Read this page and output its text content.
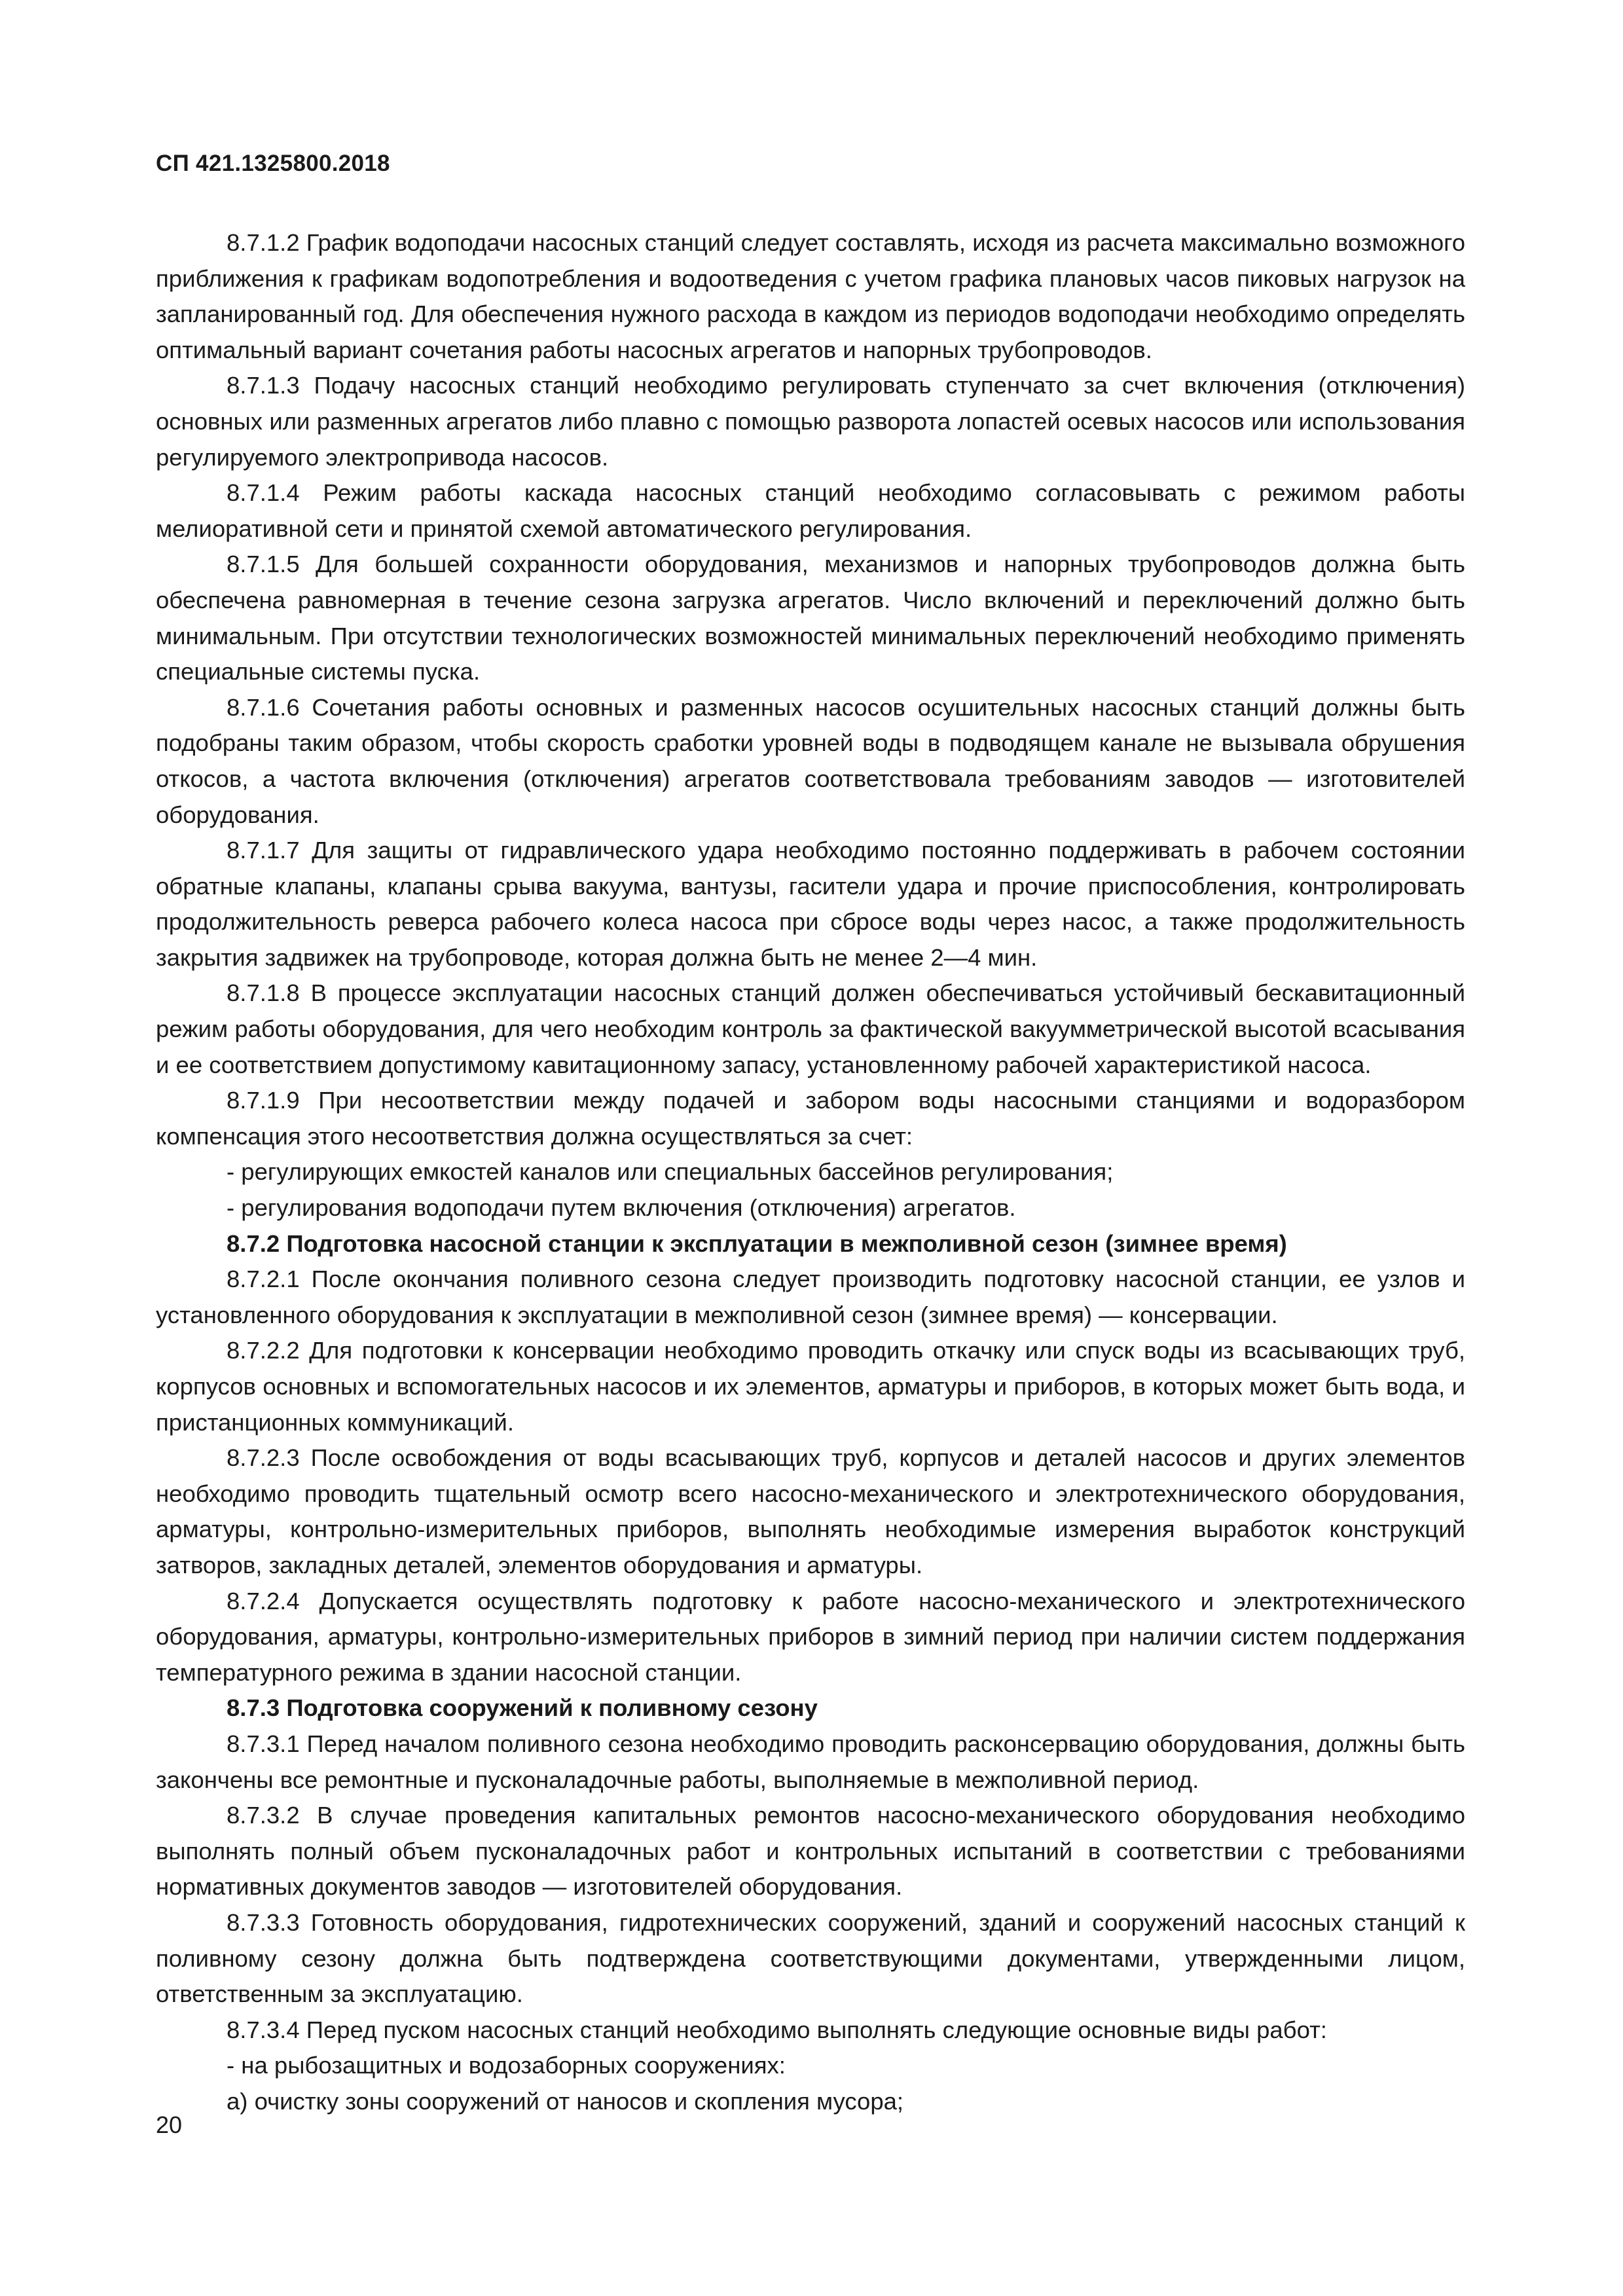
СП 421.1325800.2018

8.7.1.2 График водоподачи насосных станций следует составлять, исходя из расчета максимально возможного приближения к графикам водопотребления и водоотведения с учетом графика плановых часов пиковых нагрузок на запланированный год. Для обеспечения нужного расхода в каждом из периодов водоподачи необходимо определять оптимальный вариант сочетания работы насосных агрегатов и напорных трубопроводов.

8.7.1.3 Подачу насосных станций необходимо регулировать ступенчато за счет включения (отключения) основных или разменных агрегатов либо плавно с помощью разворота лопастей осевых насосов или использования регулируемого электропривода насосов.

8.7.1.4 Режим работы каскада насосных станций необходимо согласовывать с режимом работы мелиоративной сети и принятой схемой автоматического регулирования.

8.7.1.5 Для большей сохранности оборудования, механизмов и напорных трубопроводов должна быть обеспечена равномерная в течение сезона загрузка агрегатов. Число включений и переключений должно быть минимальным. При отсутствии технологических возможностей минимальных переключений необходимо применять специальные системы пуска.

8.7.1.6 Сочетания работы основных и разменных насосов осушительных насосных станций должны быть подобраны таким образом, чтобы скорость сработки уровней воды в подводящем канале не вызывала обрушения откосов, а частота включения (отключения) агрегатов соответствовала требованиям заводов — изготовителей оборудования.

8.7.1.7 Для защиты от гидравлического удара необходимо постоянно поддерживать в рабочем состоянии обратные клапаны, клапаны срыва вакуума, вантузы, гасители удара и прочие приспособления, контролировать продолжительность реверса рабочего колеса насоса при сбросе воды через насос, а также продолжительность закрытия задвижек на трубопроводе, которая должна быть не менее 2—4 мин.

8.7.1.8 В процессе эксплуатации насосных станций должен обеспечиваться устойчивый бескавитационный режим работы оборудования, для чего необходим контроль за фактической вакуумметрической высотой всасывания и ее соответствием допустимому кавитационному запасу, установленному рабочей характеристикой насоса.

8.7.1.9 При несоответствии между подачей и забором воды насосными станциями и водоразбором компенсация этого несоответствия должна осуществляться за счет:

- регулирующих емкостей каналов или специальных бассейнов регулирования;

- регулирования водоподачи путем включения (отключения) агрегатов.

8.7.2 Подготовка насосной станции к эксплуатации в межполивной сезон (зимнее время)

8.7.2.1 После окончания поливного сезона следует производить подготовку насосной станции, ее узлов и установленного оборудования к эксплуатации в межполивной сезон (зимнее время) — консервации.

8.7.2.2 Для подготовки к консервации необходимо проводить откачку или спуск воды из всасывающих труб, корпусов основных и вспомогательных насосов и их элементов, арматуры и приборов, в которых может быть вода, и пристанционных коммуникаций.

8.7.2.3 После освобождения от воды всасывающих труб, корпусов и деталей насосов и других элементов необходимо проводить тщательный осмотр всего насосно-механического и электротехнического оборудования, арматуры, контрольно-измерительных приборов, выполнять необходимые измерения выработок конструкций затворов, закладных деталей, элементов оборудования и арматуры.

8.7.2.4 Допускается осуществлять подготовку к работе насосно-механического и электротехнического оборудования, арматуры, контрольно-измерительных приборов в зимний период при наличии систем поддержания температурного режима в здании насосной станции.

8.7.3 Подготовка сооружений к поливному сезону

8.7.3.1 Перед началом поливного сезона необходимо проводить расконсервацию оборудования, должны быть закончены все ремонтные и пусконаладочные работы, выполняемые в межполивной период.

8.7.3.2 В случае проведения капитальных ремонтов насосно-механического оборудования необходимо выполнять полный объем пусконаладочных работ и контрольных испытаний в соответствии с требованиями нормативных документов заводов — изготовителей оборудования.

8.7.3.3 Готовность оборудования, гидротехнических сооружений, зданий и сооружений насосных станций к поливному сезону должна быть подтверждена соответствующими документами, утвержденными лицом, ответственным за эксплуатацию.

8.7.3.4 Перед пуском насосных станций необходимо выполнять следующие основные виды работ:

- на рыбозащитных и водозаборных сооружениях:

а) очистку зоны сооружений от наносов и скопления мусора;

20
